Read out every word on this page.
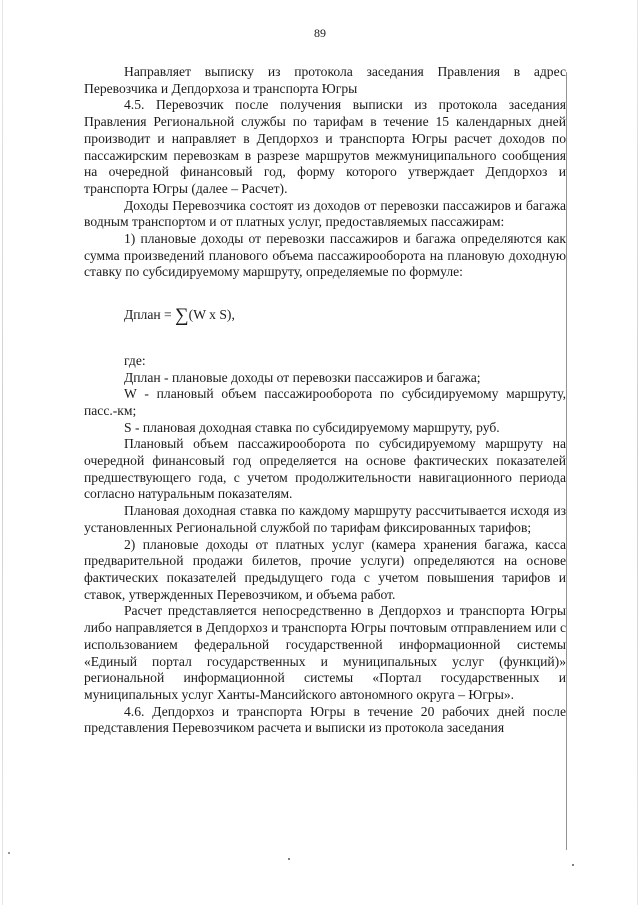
89

Направляет выписку из протокола заседания Правления в адрес Перевозчика и Депдорхоза и транспорта Югры

4.5. Перевозчик после получения выписки из протокола заседания Правления Региональной службы по тарифам в течение 15 календарных дней производит и направляет в Депдорхоз и транспорта Югры расчет доходов по пассажирским перевозкам в разрезе маршрутов межмуниципального сообщения на очередной финансовый год, форму которого утверждает Депдорхоз и транспорта Югры (далее – Расчет).

Доходы Перевозчика состоят из доходов от перевозки пассажиров и багажа водным транспортом и от платных услуг, предоставляемых пассажирам:

1) плановые доходы от перевозки пассажиров и багажа определяются как сумма произведений планового объема пассажирооборота на плановую доходную ставку по субсидируемому маршруту, определяемые по формуле:

Дплан = ∑(W x S),

где:

Дплан - плановые доходы от перевозки пассажиров и багажа;

W - плановый объем пассажирооборота по субсидируемому маршруту, пасс.-км;

S - плановая доходная ставка по субсидируемому маршруту, руб.

Плановый объем пассажирооборота по субсидируемому маршруту на очередной финансовый год определяется на основе фактических показателей предшествующего года, с учетом продолжительности навигационного периода согласно натуральным показателям.

Плановая доходная ставка по каждому маршруту рассчитывается исходя из установленных Региональной службой по тарифам фиксированных тарифов;

2) плановые доходы от платных услуг (камера хранения багажа, касса предварительной продажи билетов, прочие услуги) определяются на основе фактических показателей предыдущего года с учетом повышения тарифов и ставок, утвержденных Перевозчиком, и объема работ.

Расчет представляется непосредственно в Депдорхоз и транспорта Югры либо направляется в Депдорхоз и транспорта Югры почтовым отправлением или с использованием федеральной государственной информационной системы «Единый портал государственных и муниципальных услуг (функций)» региональной информационной системы «Портал государственных и муниципальных услуг Ханты-Мансийского автономного округа – Югры».

4.6. Депдорхоз и транспорта Югры в течение 20 рабочих дней после представления Перевозчиком расчета и выписки из протокола заседания
